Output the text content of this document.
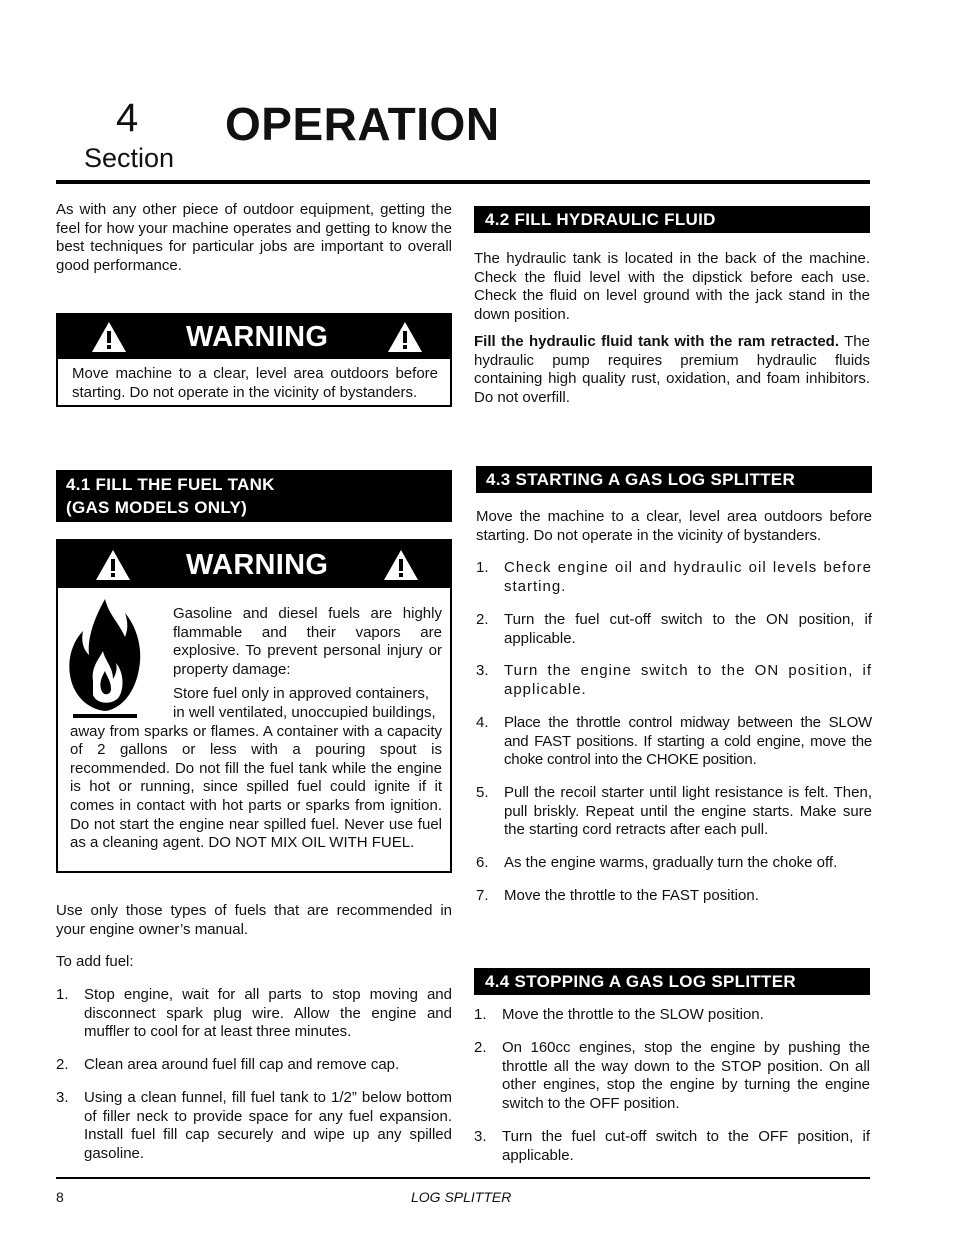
4
Section
OPERATION

As with any other piece of outdoor equipment, getting the feel for how your machine operates and getting to know the best techniques for particular jobs are important to overall good performance.

WARNING

Move machine to a clear, level area outdoors before starting. Do not operate in the vicinity of bystanders.

4.1 FILL THE FUEL TANK
(GAS MODELS ONLY)
WARNING

Gasoline and diesel fuels are highly flammable and their vapors are explosive. To prevent personal injury or property damage:

Store fuel only in approved containers,

in well ventilated, unoccupied buildings,

away from sparks or flames. A container with a capacity of 2 gallons or less with a pouring spout is recommended. Do not fill the fuel tank while the engine is hot or running, since spilled fuel could ignite if it comes in contact with hot parts or sparks from ignition. Do not start the engine near spilled fuel. Never use fuel as a cleaning agent. DO NOT MIX OIL WITH FUEL.

Use only those types of fuels that are recommended in your engine owner’s manual.

To add fuel:

1. Stop engine, wait for all parts to stop moving and disconnect spark plug wire. Allow the engine and muffler to cool for at least three minutes.
2. Clean area around fuel fill cap and remove cap.
3. Using a clean funnel, fill fuel tank to 1/2” below bottom of filler neck to provide space for any fuel expansion. Install fuel fill cap securely and wipe up any spilled gasoline.
4.2 FILL HYDRAULIC FLUID

The hydraulic tank is located in the back of the machine. Check the fluid level with the dipstick before each use. Check the fluid on level ground with the jack stand in the down position.

Fill the hydraulic fluid tank with the ram retracted. The hydraulic pump requires premium hydraulic fluids containing high quality rust, oxidation, and foam inhibitors. Do not overfill.

4.3 STARTING A GAS LOG SPLITTER

Move the machine to a clear, level area outdoors before starting. Do not operate in the vicinity of bystanders.

1. Check engine oil and hydraulic oil levels before starting.
2. Turn the fuel cut-off switch to the ON position, if applicable.
3. Turn the engine switch to the ON position, if applicable.
4. Place the throttle control midway between the SLOW and FAST positions. If starting a cold engine, move the choke control into the CHOKE position.
5. Pull the recoil starter until light resistance is felt. Then, pull briskly. Repeat until the engine starts. Make sure the starting cord retracts after each pull.
6. As the engine warms, gradually turn the choke off.
7. Move the throttle to the FAST position.
4.4 STOPPING A GAS LOG SPLITTER
1. Move the throttle to the SLOW position.
2. On 160cc engines, stop the engine by pushing the throttle all the way down to the STOP position. On all other engines, stop the engine by turning the engine switch to the OFF position.
3. Turn the fuel cut-off switch to the OFF position, if applicable.
8	LOG SPLITTER
